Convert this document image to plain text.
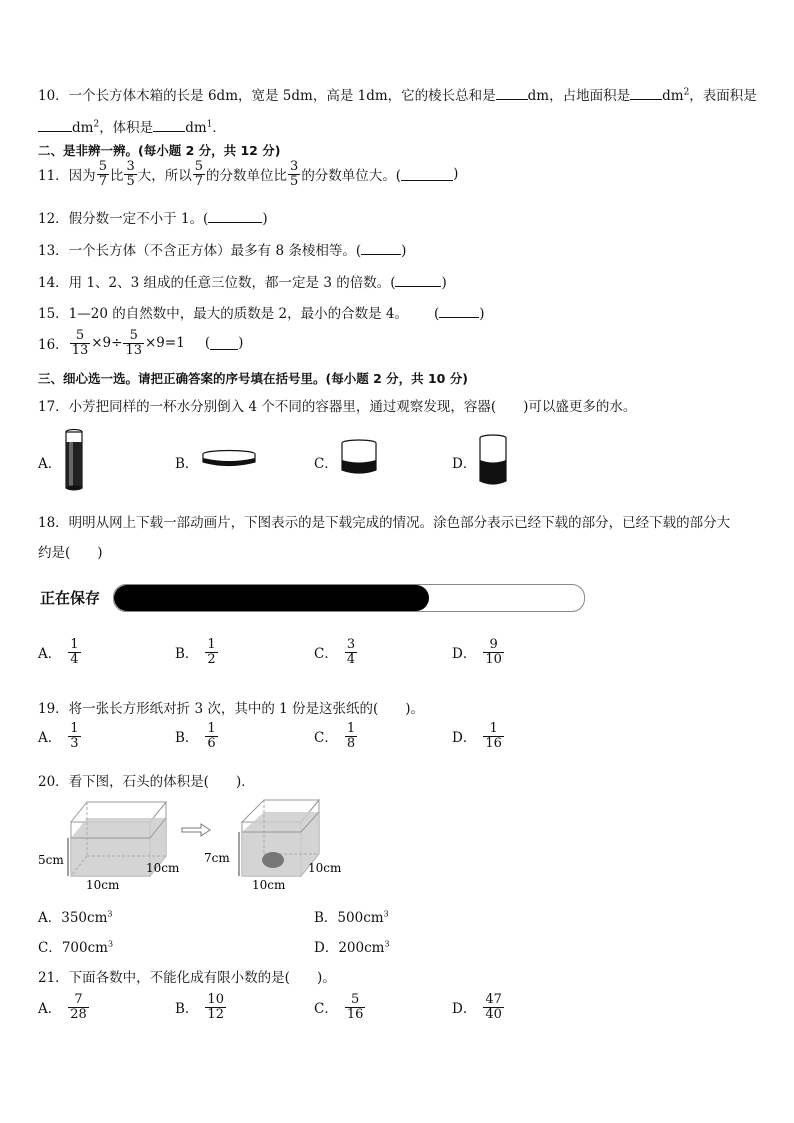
10．一个长方体木箱的长是 6dm，宽是 5dm，高是 1dm，它的棱长总和是 dm，占地面积是 $dm^2$，表面积是
$dm^2$，体积是 $dm^1$．
二、是非辨一辨。(每小题 2 分，共 12 分)
11．因为 $\frac{5}{7}$ 比 $\frac{3}{5}$ 大，所以 $\frac{5}{7}$ 的分数单位比 $\frac{3}{5}$ 的分数单位大。(	)
12．假分数一定不小于 1。(	)
13．一个长方体（不含正方体）最多有 8 条棱相等。(	)
14．用 1、2、3 组成的任意三位数，都一定是 3 的倍数。(	)
15．1—20 的自然数中，最大的质数是 2，最小的合数是 4。 (	)
16． $\frac{5}{13} \times 9\div \frac{5}{13} \times 9=1$ ( )
三、细心选一选。请把正确答案的序号填在括号里。(每小题 2 分，共 10 分)
17．小芳把同样的一杯水分别倒入 4 个不同的容器里，通过观察发现，容器(　　)可以盛更多的水。
A．	B．	C．	D．
18．明明从网上下载一部动画片，下图表示的是下载完成的情况。涂色部分表示已经下载的部分，已经下载的部分大
约是(　　)
正在保存
A． $\frac{1}{4}$	B． $\frac{1}{2}$	C． $\frac{3}{4}$	D． $\frac{9}{10}$
19．将一张长方形纸对折 3 次，其中的 1 份是这张纸的(　　)。
A． $\frac{1}{3}$	B． $\frac{1}{6}$	C． $\frac{1}{8}$	D． $\frac{1}{16}$
20．看下图，石头的体积是(　　)．
5cm
10cm
10cm
7cm
10cm
10cm
A．$350cm^3$	B．$500cm^3$
C．$700cm^3$	D．$200cm^3$
21．下面各数中，不能化成有限小数的是(　　)。
A． $\frac{7}{28}$	B． $\frac{10}{12}$	C． $\frac{5}{16}$	D． $\frac{47}{40}$
